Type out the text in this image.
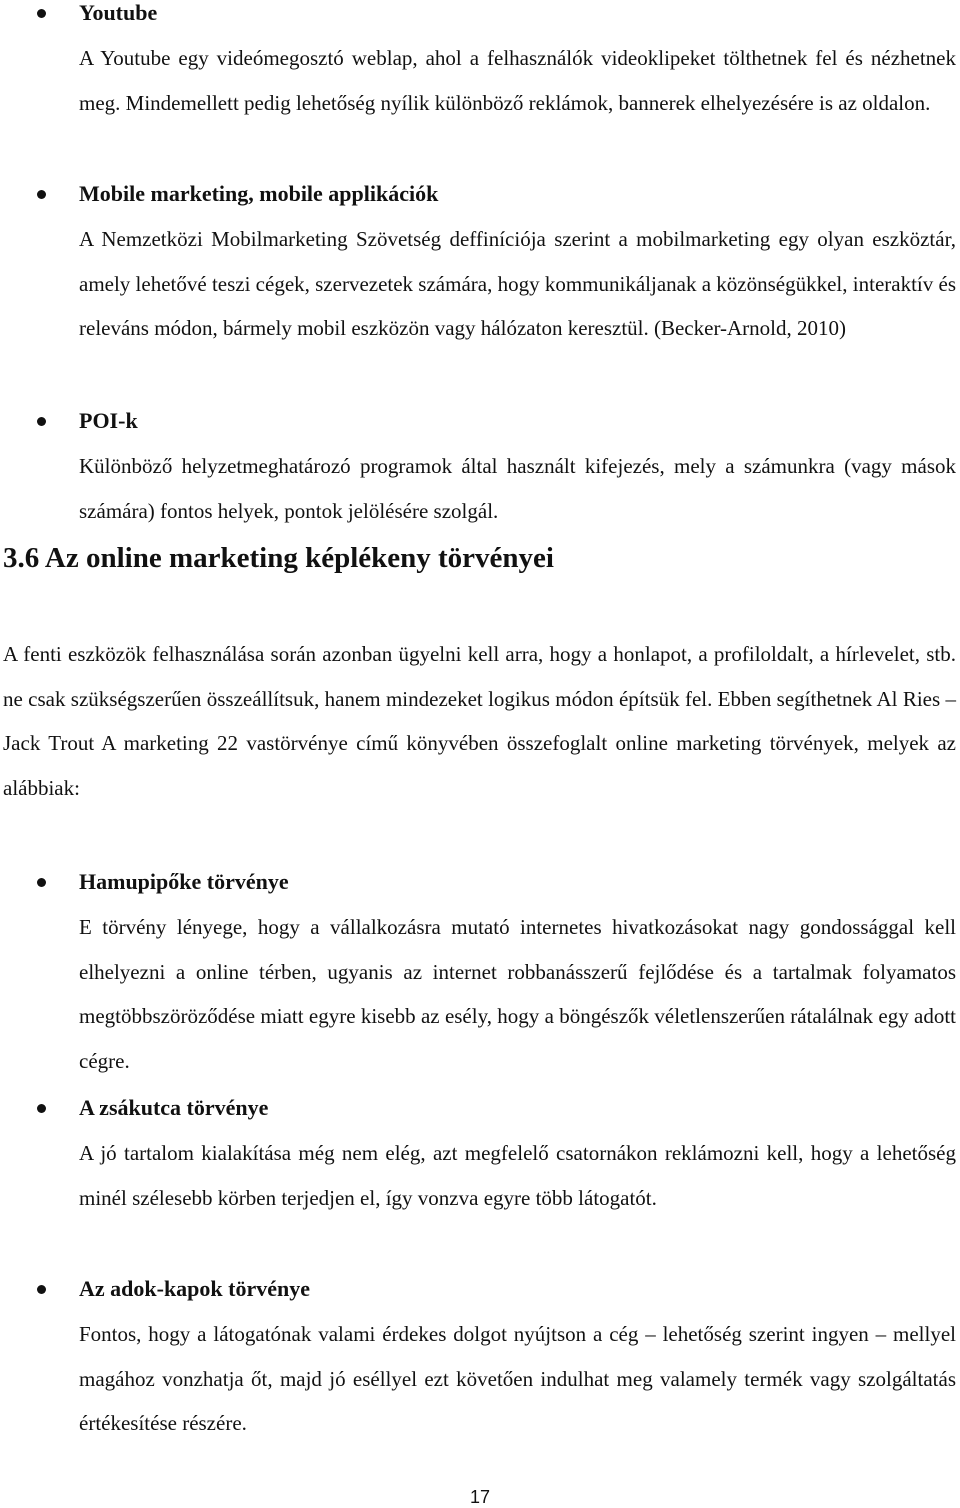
Youtube

A Youtube egy videómegosztó weblap, ahol a felhasználók videoklipeket tölthetnek fel és nézhetnek meg. Mindemellett pedig lehetőség nyílik különböző reklámok, bannerek elhelyezésére is az oldalon.

Mobile marketing, mobile applikációk

A Nemzetközi Mobilmarketing Szövetség deffiníciója szerint a mobilmarketing egy olyan eszköztár, amely lehetővé teszi cégek, szervezetek számára, hogy kommunikáljanak a közönségükkel, interaktív és releváns módon, bármely mobil eszközön vagy hálózaton keresztül. (Becker-Arnold, 2010)

POI-k

Különböző helyzetmeghatározó programok által használt kifejezés, mely a számunkra (vagy mások számára) fontos helyek, pontok jelölésére szolgál.

3.6 Az online marketing képlékeny törvényei

A fenti eszközök felhasználása során azonban ügyelni kell arra, hogy a honlapot, a profiloldalt, a hírlevelet, stb. ne csak szükségszerűen összeállítsuk, hanem mindezeket logikus módon építsük fel. Ebben segíthetnek Al Ries – Jack Trout A marketing 22 vastörvénye című könyvében összefoglalt online marketing törvények, melyek az alábbiak:

Hamupipőke törvénye

E törvény lényege, hogy a vállalkozásra mutató internetes hivatkozásokat nagy gondossággal kell elhelyezni a online térben, ugyanis az internet robbanásszerű fejlődése és a tartalmak folyamatos megtöbbszöröződése miatt egyre kisebb az esély, hogy a böngészők véletlenszerűen rátalálnak egy adott cégre.

A zsákutca törvénye

A jó tartalom kialakítása még nem elég, azt megfelelő csatornákon reklámozni kell, hogy a lehetőség minél szélesebb körben terjedjen el, így vonzva egyre több látogatót.

Az adok-kapok törvénye

Fontos, hogy a látogatónak valami érdekes dolgot nyújtson a cég – lehetőség szerint ingyen – mellyel magához vonzhatja őt, majd jó eséllyel ezt követően indulhat meg valamely termék vagy szolgáltatás értékesítése részére.

17
